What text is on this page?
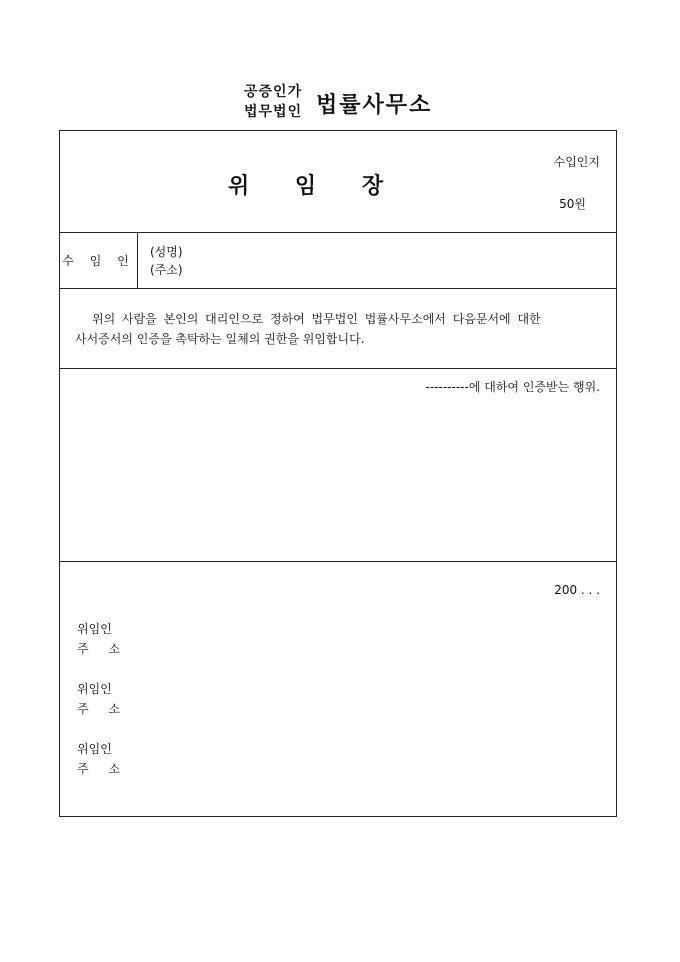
공증인가
법무법인 법률사무소
위 임 장
수입인지
50원
수 임 인
(성명)
(주소)
위의 사람을 본인의 대리인으로 정하여 법무법인 법률사무소에서 다음문서에 대한
사서증서의 인증을 촉탁하는 일체의 권한을 위임합니다.
----------에 대하여 인증받는 행위.
200 . . .
위임인
주 소
위임인
주 소
위임인
주 소
